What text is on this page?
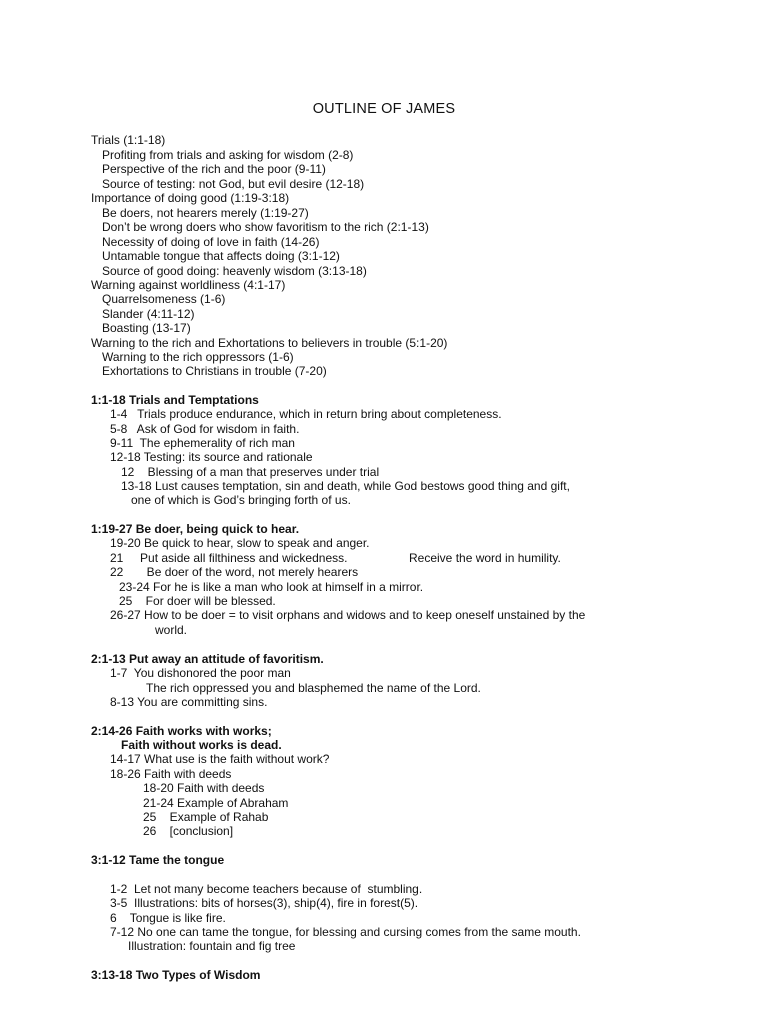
OUTLINE OF JAMES
Trials (1:1-18)
Profiting from trials and asking for wisdom (2-8)
Perspective of the rich and the poor (9-11)
Source of testing: not God, but evil desire (12-18)
Importance of doing good (1:19-3:18)
Be doers, not hearers merely (1:19-27)
Don’t be wrong doers who show favoritism to the rich (2:1-13)
Necessity of doing of love in faith (14-26)
Untamable tongue that affects doing (3:1-12)
Source of good doing: heavenly wisdom (3:13-18)
Warning against worldliness (4:1-17)
Quarrelsomeness (1-6)
Slander (4:11-12)
Boasting (13-17)
Warning to the rich and Exhortations to believers in trouble (5:1-20)
Warning to the rich oppressors (1-6)
Exhortations to Christians in trouble (7-20)
1:1-18 Trials and Temptations
1-4   Trials produce endurance, which in return bring about completeness.
5-8   Ask of God for wisdom in faith.
9-11  The ephemerality of rich man
12-18 Testing: its source and rationale
12    Blessing of a man that preserves under trial
13-18 Lust causes temptation, sin and death, while God bestows good thing and gift,
one of which is God’s bringing forth of us.
1:19-27 Be doer, being quick to hear.
19-20 Be quick to hear, slow to speak and anger.
21     Put aside all filthiness and wickedness.	Receive the word in humility.
22       Be doer of the word, not merely hearers
23-24 For he is like a man who look at himself in a mirror.
25    For doer will be blessed.
26-27 How to be doer = to visit orphans and widows and to keep oneself unstained by the
world.
2:1-13 Put away an attitude of favoritism.
1-7  You dishonored the poor man
The rich oppressed you and blasphemed the name of the Lord.
8-13 You are committing sins.
2:14-26 Faith works with works;
Faith without works is dead.
14-17 What use is the faith without work?
18-26 Faith with deeds
18-20 Faith with deeds
21-24 Example of Abraham
25    Example of Rahab
26    [conclusion]
3:1-12 Tame the tongue
1-2  Let not many become teachers because of  stumbling.
3-5  Illustrations: bits of horses(3), ship(4), fire in forest(5).
6    Tongue is like fire.
7-12 No one can tame the tongue, for blessing and cursing comes from the same mouth.
Illustration: fountain and fig tree
3:13-18 Two Types of Wisdom
